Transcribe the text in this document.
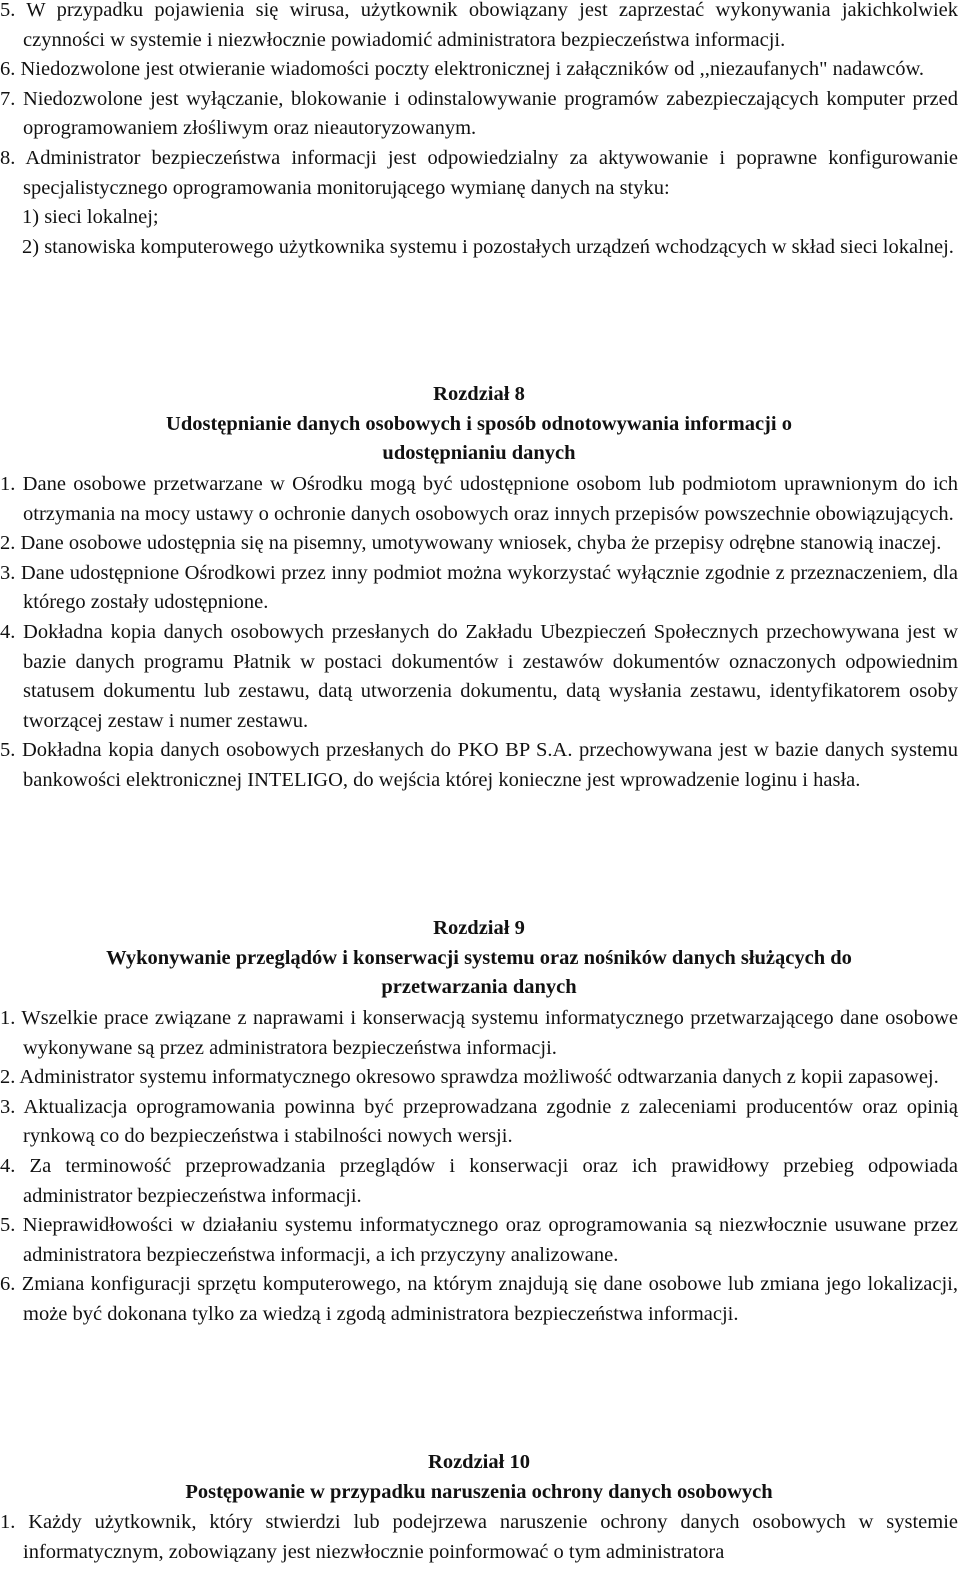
5. W przypadku pojawienia się wirusa, użytkownik obowiązany jest zaprzestać wykonywania jakichkolwiek czynności w systemie i niezwłocznie powiadomić administratora bezpieczeństwa informacji.

6. Niedozwolone jest otwieranie wiadomości poczty elektronicznej i załączników od ,,niezaufanych" nadawców.

7. Niedozwolone jest wyłączanie, blokowanie i odinstalowywanie programów zabezpieczających komputer przed oprogramowaniem złośliwym oraz nieautoryzowanym.

8. Administrator bezpieczeństwa informacji jest odpowiedzialny za aktywowanie i poprawne konfigurowanie specjalistycznego oprogramowania monitorującego wymianę danych na styku:

1) sieci lokalnej;

2) stanowiska komputerowego użytkownika systemu i pozostałych urządzeń wchodzących w skład sieci lokalnej.

Rozdział 8
Udostępnianie danych osobowych i sposób odnotowywania informacji o udostępnianiu danych

1. Dane osobowe przetwarzane w Ośrodku mogą być udostępnione osobom lub podmiotom uprawnionym do ich otrzymania na mocy ustawy o ochronie danych osobowych oraz innych przepisów powszechnie obowiązujących.

2. Dane osobowe udostępnia się na pisemny, umotywowany wniosek, chyba że przepisy odrębne stanowią inaczej.

3. Dane udostępnione Ośrodkowi przez inny podmiot można wykorzystać wyłącznie zgodnie z przeznaczeniem, dla którego zostały udostępnione.

4. Dokładna kopia danych osobowych przesłanych do Zakładu Ubezpieczeń Społecznych przechowywana jest w bazie danych programu Płatnik w postaci dokumentów i zestawów dokumentów oznaczonych odpowiednim statusem dokumentu lub zestawu, datą utworzenia dokumentu, datą wysłania zestawu, identyfikatorem osoby tworzącej zestaw i numer zestawu.

5. Dokładna kopia danych osobowych przesłanych do PKO BP S.A. przechowywana jest w bazie danych systemu bankowości elektronicznej INTELIGO, do wejścia której konieczne jest wprowadzenie loginu i hasła.

Rozdział 9
Wykonywanie przeglądów i konserwacji systemu oraz nośników danych służących do przetwarzania danych

1. Wszelkie prace związane z naprawami i konserwacją systemu informatycznego przetwarzającego dane osobowe wykonywane są przez administratora bezpieczeństwa informacji.

2. Administrator systemu informatycznego okresowo sprawdza możliwość odtwarzania danych z kopii zapasowej.

3. Aktualizacja oprogramowania powinna być przeprowadzana zgodnie z zaleceniami producentów oraz opinią rynkową co do bezpieczeństwa i stabilności nowych wersji.

4. Za terminowość przeprowadzania przeglądów i konserwacji oraz ich prawidłowy przebieg odpowiada administrator bezpieczeństwa informacji.

5. Nieprawidłowości w działaniu systemu informatycznego oraz oprogramowania są niezwłocznie usuwane przez administratora bezpieczeństwa informacji, a ich przyczyny analizowane.

6. Zmiana konfiguracji sprzętu komputerowego, na którym znajdują się dane osobowe lub zmiana jego lokalizacji, może być dokonana tylko za wiedzą i zgodą administratora bezpieczeństwa informacji.

Rozdział 10
Postępowanie w przypadku naruszenia ochrony danych osobowych

1. Każdy użytkownik, który stwierdzi lub podejrzewa naruszenie ochrony danych osobowych w systemie informatycznym, zobowiązany jest niezwłocznie poinformować o tym administratora
